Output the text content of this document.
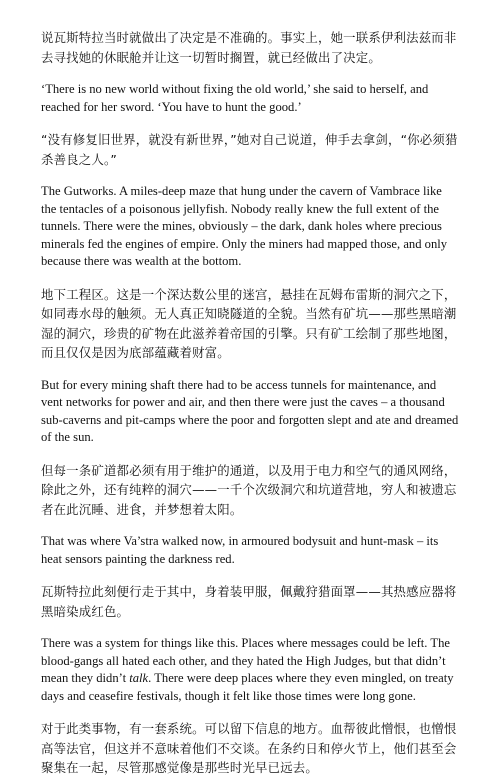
说瓦斯特拉当时就做出了决定是不准确的。事实上，她一联系伊利法兹而非去寻找她的休眠舱并让这一切暂时搁置，就已经做出了决定。

‘There is no new world without fixing the old world,’ she said to herself, and reached for her sword. ‘You have to hunt the good.’

“没有修复旧世界，就没有新世界，”她对自己说道，伸手去拿剑，“你必须猎杀善良之人。”

The Gutworks. A miles-deep maze that hung under the cavern of Vambrace like the tentacles of a poisonous jellyfish. Nobody really knew the full extent of the tunnels. There were the mines, obviously – the dark, dank holes where precious minerals fed the engines of empire. Only the miners had mapped those, and only because there was wealth at the bottom.

地下工程区。这是一个深达数公里的迷宫，悬挂在瓦姆布雷斯的洞穴之下，如同毒水母的触须。无人真正知晓隧道的全貌。当然有矿坑——那些黑暗潮湿的洞穴，珍贵的矿物在此滋养着帝国的引擎。只有矿工绘制了那些地图，而且仅仅是因为底部蕴藏着财富。

But for every mining shaft there had to be access tunnels for maintenance, and vent networks for power and air, and then there were just the caves – a thousand sub-caverns and pit-camps where the poor and forgotten slept and ate and dreamed of the sun.

但每一条矿道都必须有用于维护的通道，以及用于电力和空气的通风网络，除此之外，还有纯粹的洞穴——一千个次级洞穴和坑道营地，穷人和被遗忘者在此沉睡、进食，并梦想着太阳。

That was where Va’stra walked now, in armoured bodysuit and hunt-mask – its heat sensors painting the darkness red.

瓦斯特拉此刻便行走于其中，身着装甲服，佩戴狩猎面罩——其热感应器将黑暗染成红色。

There was a system for things like this. Places where messages could be left. The blood-gangs all hated each other, and they hated the High Judges, but that didn’t mean they didn’t talk. There were deep places where they even mingled, on treaty days and ceasefire festivals, though it felt like those times were long gone.

对于此类事物，有一套系统。可以留下信息的地方。血帮彼此憎恨，也憎恨高等法官，但这并不意味着他们不交谈。在条约日和停火节上，他们甚至会聚集在一起，尽管那感觉像是那些时光早已远去。
